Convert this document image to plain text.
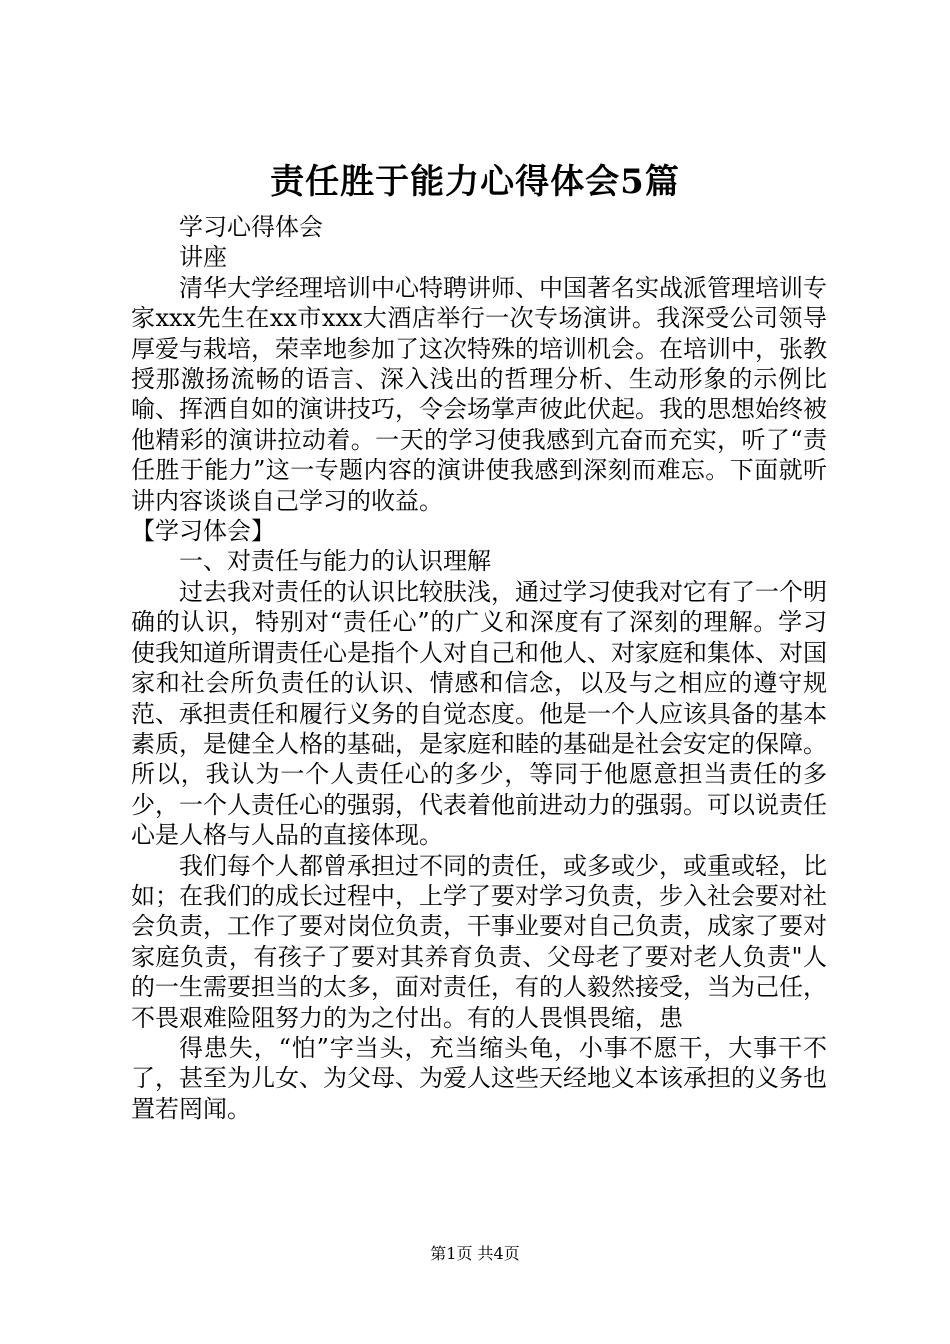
责任胜于能力心得体会5篇

学习心得体会

讲座

清华大学经理培训中心特聘讲师、中国著名实战派管理培训专家xxx先生在xx市xxx大酒店举行一次专场演讲。我深受公司领导厚爱与栽培，荣幸地参加了这次特殊的培训机会。在培训中，张教授那激扬流畅的语言、深入浅出的哲理分析、生动形象的示例比喻、挥洒自如的演讲技巧，令会场掌声彼此伏起。我的思想始终被他精彩的演讲拉动着。一天的学习使我感到亢奋而充实，听了“责任胜于能力”这一专题内容的演讲使我感到深刻而难忘。下面就听讲内容谈谈自己学习的收益。

【学习体会】

一、对责任与能力的认识理解

过去我对责任的认识比较肤浅，通过学习使我对它有了一个明确的认识，特别对“责任心”的广义和深度有了深刻的理解。学习使我知道所谓责任心是指个人对自己和他人、对家庭和集体、对国家和社会所负责任的认识、情感和信念，以及与之相应的遵守规范、承担责任和履行义务的自觉态度。他是一个人应该具备的基本素质，是健全人格的基础，是家庭和睦的基础是社会安定的保障。所以，我认为一个人责任心的多少，等同于他愿意担当责任的多少，一个人责任心的强弱，代表着他前进动力的强弱。可以说责任心是人格与人品的直接体现。

我们每个人都曾承担过不同的责任，或多或少，或重或轻，比如；在我们的成长过程中，上学了要对学习负责，步入社会要对社会负责，工作了要对岗位负责，干事业要对自己负责，成家了要对家庭负责，有孩子了要对其养育负责、父母老了要对老人负责"人的一生需要担当的太多，面对责任，有的人毅然接受，当为己任，不畏艰难险阻努力的为之付出。有的人畏惧畏缩，患

得患失，“怕”字当头，充当缩头龟，小事不愿干，大事干不了，甚至为儿女、为父母、为爱人这些天经地义本该承担的义务也置若罔闻。

第1页 共4页
